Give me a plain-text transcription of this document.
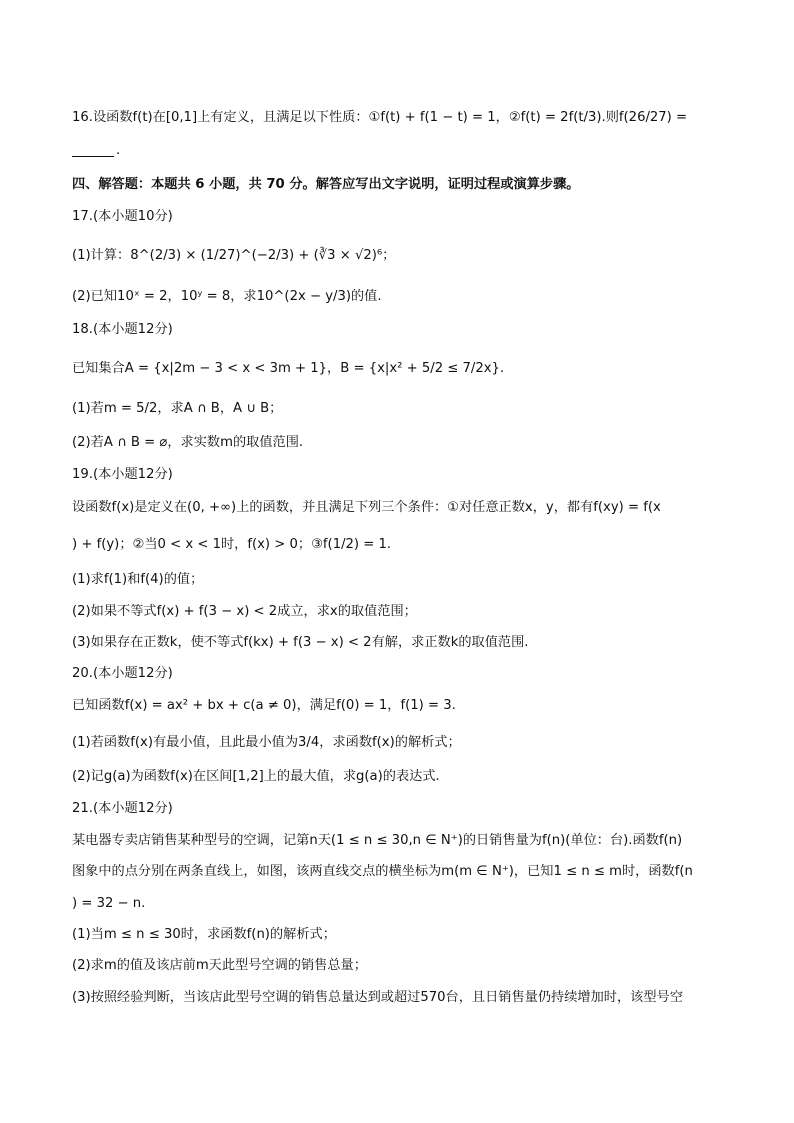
16.设函数f(t)在[0,1]上有定义，且满足以下性质：①f(t) + f(1 − t) = 1，②f(t) = 2f(t/3).则f(26/27) =
.
四、解答题：本题共 6 小题，共 70 分。解答应写出文字说明，证明过程或演算步骤。
17.(本小题10分)
(1)计算：8^(2/3) × (1/27)^(−2/3) + (∛3 × √2)⁶；
(2)已知10ˣ = 2，10ʸ = 8，求10^(2x − y/3)的值.
18.(本小题12分)
已知集合A = {x|2m − 3 < x < 3m + 1}，B = {x|x² + 5/2 ≤ 7/2x}.
(1)若m = 5/2，求A ∩ B，A ∪ B；
(2)若A ∩ B = ⌀，求实数m的取值范围.
19.(本小题12分)
设函数f(x)是定义在(0, +∞)上的函数，并且满足下列三个条件：①对任意正数x，y，都有f(xy) = f(x
) + f(y)；②当0 < x < 1时，f(x) > 0；③f(1/2) = 1.
(1)求f(1)和f(4)的值；
(2)如果不等式f(x) + f(3 − x) < 2成立，求x的取值范围；
(3)如果存在正数k，使不等式f(kx) + f(3 − x) < 2有解，求正数k的取值范围.
20.(本小题12分)
已知函数f(x) = ax² + bx + c(a ≠ 0)，满足f(0) = 1，f(1) = 3.
(1)若函数f(x)有最小值，且此最小值为3/4，求函数f(x)的解析式；
(2)记g(a)为函数f(x)在区间[1,2]上的最大值，求g(a)的表达式.
21.(本小题12分)
某电器专卖店销售某种型号的空调，记第n天(1 ≤ n ≤ 30,n ∈ N⁺)的日销售量为f(n)(单位：台).函数f(n)
图象中的点分别在两条直线上，如图，该两直线交点的横坐标为m(m ∈ N⁺)，已知1 ≤ n ≤ m时，函数f(n
) = 32 − n.
(1)当m ≤ n ≤ 30时，求函数f(n)的解析式；
(2)求m的值及该店前m天此型号空调的销售总量；
(3)按照经验判断，当该店此型号空调的销售总量达到或超过570台，且日销售量仍持续增加时，该型号空
